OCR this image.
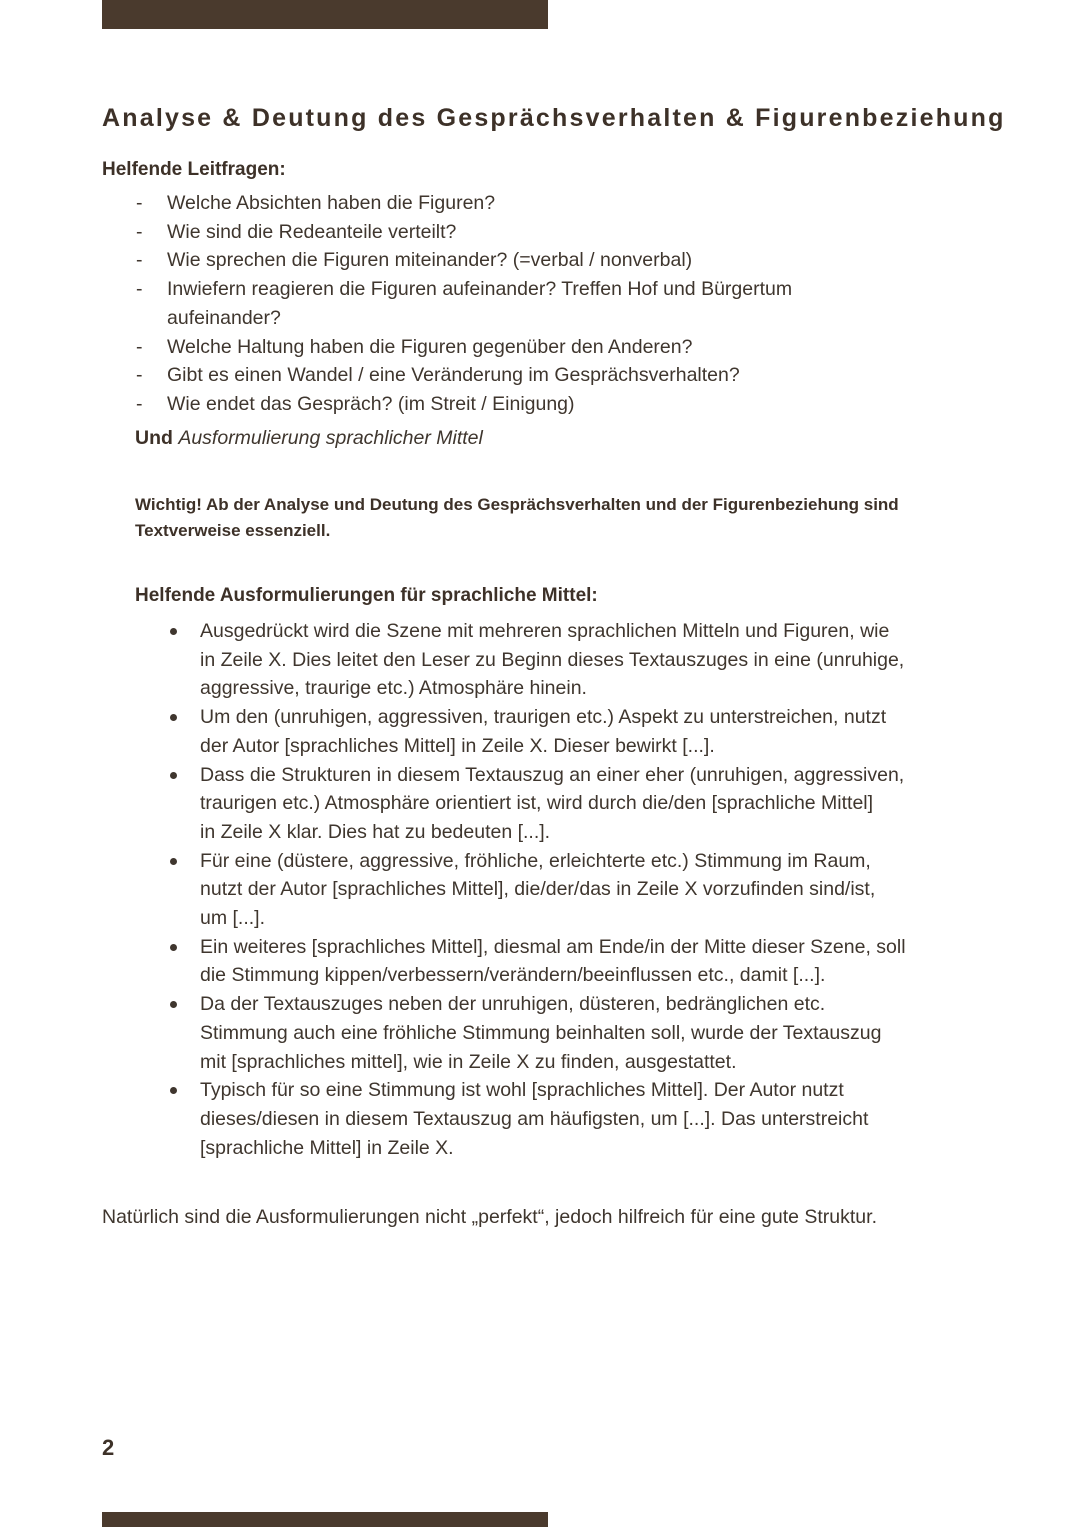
Analyse & Deutung des Gesprächsverhalten & Figurenbeziehung
Helfende Leitfragen:
- Welche Absichten haben die Figuren?
- Wie sind die Redeanteile verteilt?
- Wie sprechen die Figuren miteinander? (=verbal / nonverbal)
- Inwiefern reagieren die Figuren aufeinander? Treffen Hof und Bürgertum
aufeinander?
- Welche Haltung haben die Figuren gegenüber den Anderen?
- Gibt es einen Wandel / eine Veränderung im Gesprächsverhalten?
- Wie endet das Gespräch? (im Streit / Einigung)
Und Ausformulierung sprachlicher Mittel
Wichtig! Ab der Analyse und Deutung des Gesprächsverhalten und der Figurenbeziehung sind
Textverweise essenziell.
Helfende Ausformulierungen für sprachliche Mittel:
Ausgedrückt wird die Szene mit mehreren sprachlichen Mitteln und Figuren, wie
in Zeile X. Dies leitet den Leser zu Beginn dieses Textauszuges in eine (unruhige,
aggressive, traurige etc.) Atmosphäre hinein.
Um den (unruhigen, aggressiven, traurigen etc.) Aspekt zu unterstreichen, nutzt
der Autor [sprachliches Mittel] in Zeile X. Dieser bewirkt [...].
Dass die Strukturen in diesem Textauszug an einer eher (unruhigen, aggressiven,
traurigen etc.) Atmosphäre orientiert ist, wird durch die/den [sprachliche Mittel]
in Zeile X klar. Dies hat zu bedeuten [...].
Für eine (düstere, aggressive, fröhliche, erleichterte etc.) Stimmung im Raum,
nutzt der Autor [sprachliches Mittel], die/der/das in Zeile X vorzufinden sind/ist,
um [...].
Ein weiteres [sprachliches Mittel], diesmal am Ende/in der Mitte dieser Szene, soll
die Stimmung kippen/verbessern/verändern/beeinflussen etc., damit [...].
Da der Textauszuges neben der unruhigen, düsteren, bedränglichen etc.
Stimmung auch eine fröhliche Stimmung beinhalten soll, wurde der Textauszug
mit [sprachliches mittel], wie in Zeile X zu finden, ausgestattet.
Typisch für so eine Stimmung ist wohl [sprachliches Mittel]. Der Autor nutzt
dieses/diesen in diesem Textauszug am häufigsten, um [...]. Das unterstreicht
[sprachliche Mittel] in Zeile X.
Natürlich sind die Ausformulierungen nicht „perfekt“, jedoch hilfreich für eine gute Struktur.
2
